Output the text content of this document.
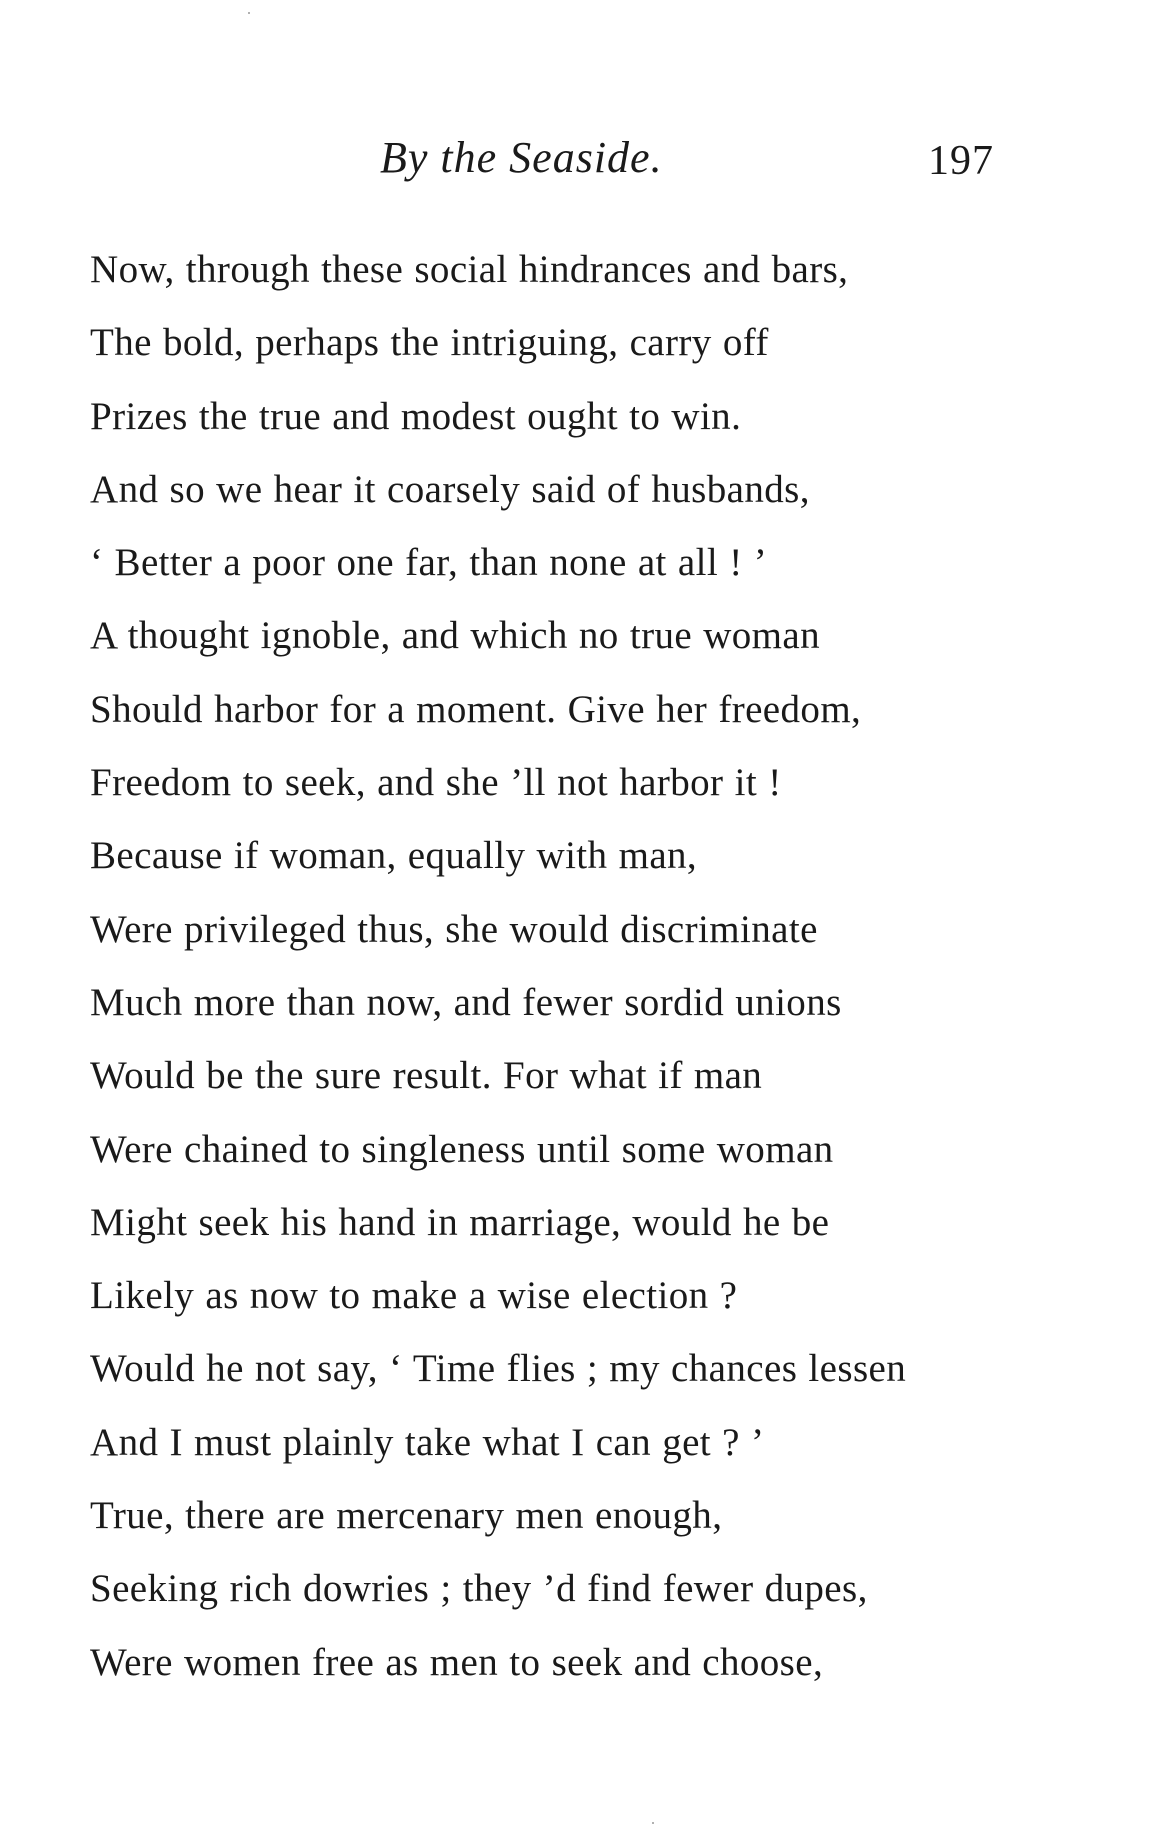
By the Seaside.	197
Now, through these social hindrances and bars,
The bold, perhaps the intriguing, carry off
Prizes the true and modest ought to win.
And so we hear it coarsely said of husbands,
‘ Better a poor one far, than none at all ! ’
A thought ignoble, and which no true woman
Should harbor for a moment. Give her freedom,
Freedom to seek, and she ’ll not harbor it !
Because if woman, equally with man,
Were privileged thus, she would discriminate
Much more than now, and fewer sordid unions
Would be the sure result. For what if man
Were chained to singleness until some woman
Might seek his hand in marriage, would he be
Likely as now to make a wise election ?
Would he not say, ‘ Time flies ; my chances lessen
And I must plainly take what I can get ? ’
True, there are mercenary men enough,
Seeking rich dowries ; they ’d find fewer dupes,
Were women free as men to seek and choose,
